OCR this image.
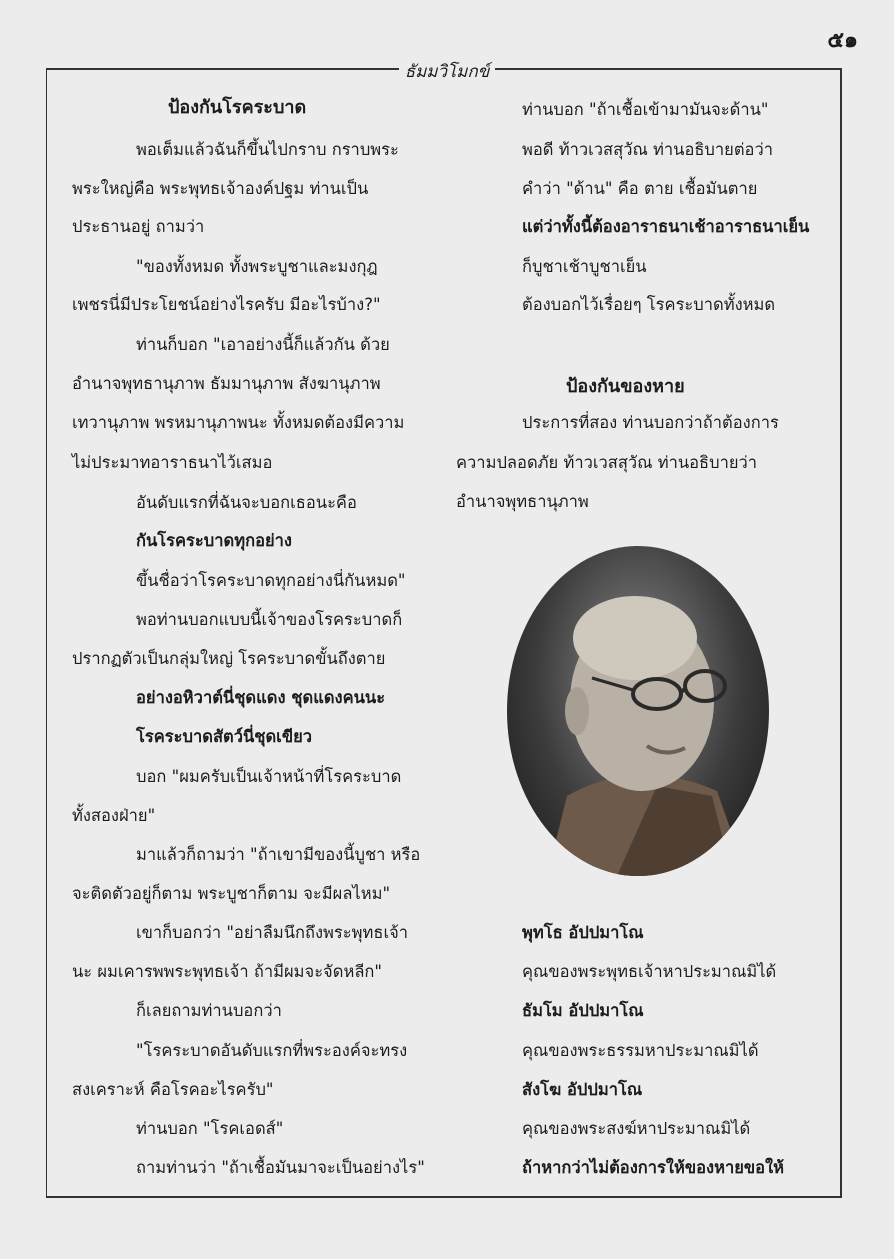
๕๑
ธัมมวิโมกข์
ป้องกันโรคระบาด
พอเต็มแล้วฉันก็ขึ้นไปกราบ กราบพระ
พระใหญ่คือ พระพุทธเจ้าองค์ปฐม ท่านเป็น
ประธานอยู่ ถามว่า
"ของทั้งหมด ทั้งพระบูชาและมงกุฎ
เพชรนี่มีประโยชน์อย่างไรครับ มีอะไรบ้าง?"
ท่านก็บอก "เอาอย่างนี้ก็แล้วกัน ด้วย
อำนาจพุทธานุภาพ ธัมมานุภาพ สังฆานุภาพ
เทวานุภาพ พรหมานุภาพนะ ทั้งหมดต้องมีความ
ไม่ประมาทอาราธนาไว้เสมอ
อันดับแรกที่ฉันจะบอกเธอนะคือ
กันโรคระบาดทุกอย่าง
ขึ้นชื่อว่าโรคระบาดทุกอย่างนี่กันหมด"
พอท่านบอกแบบนี้เจ้าของโรคระบาดก็
ปรากฏตัวเป็นกลุ่มใหญ่ โรคระบาดขั้นถึงตาย
อย่างอหิวาต์นี่ชุดแดง ชุดแดงคนนะ
โรคระบาดสัตว์นี่ชุดเขียว
บอก "ผมครับเป็นเจ้าหน้าที่โรคระบาด
ทั้งสองฝ่าย"
มาแล้วก็ถามว่า "ถ้าเขามีของนี้บูชา หรือ
จะติดตัวอยู่ก็ตาม พระบูชาก็ตาม จะมีผลไหม"
เขาก็บอกว่า "อย่าลืมนึกถึงพระพุทธเจ้า
นะ ผมเคารพพระพุทธเจ้า ถ้ามีผมจะจัดหลีก"
ก็เลยถามท่านบอกว่า
"โรคระบาดอันดับแรกที่พระองค์จะทรง
สงเคราะห์ คือโรคอะไรครับ"
ท่านบอก "โรคเอดส์"
ถามท่านว่า "ถ้าเชื้อมันมาจะเป็นอย่างไร"
ท่านบอก "ถ้าเชื้อเข้ามามันจะด้าน"
พอดี ท้าวเวสสุวัณ ท่านอธิบายต่อว่า
คำว่า "ด้าน" คือ ตาย เชื้อมันตาย
แต่ว่าทั้งนี้ต้องอาราธนาเช้าอาราธนาเย็น
ก็บูชาเช้าบูชาเย็น
ต้องบอกไว้เรื่อยๆ โรคระบาดทั้งหมด
ป้องกันของหาย
ประการที่สอง ท่านบอกว่าถ้าต้องการ
ความปลอดภัย ท้าวเวสสุวัณ ท่านอธิบายว่า
อำนาจพุทธานุภาพ
พุทโธ อัปปมาโณ
คุณของพระพุทธเจ้าหาประมาณมิได้
ธัมโม อัปปมาโณ
คุณของพระธรรมหาประมาณมิได้
สังโฆ อัปปมาโณ
คุณของพระสงฆ์หาประมาณมิได้
ถ้าหากว่าไม่ต้องการให้ของหายขอให้
